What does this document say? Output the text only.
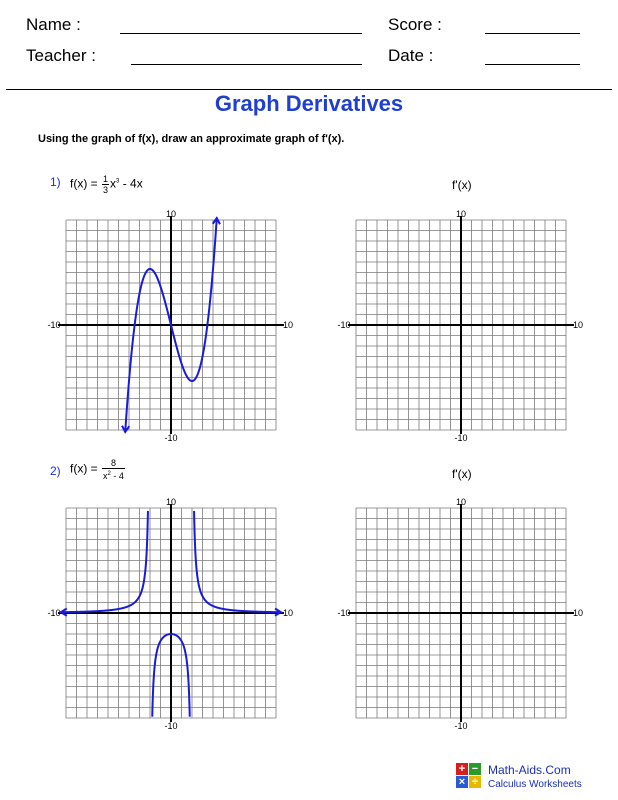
Name :
Teacher :
Score :
Date :
Graph Derivatives
Using the graph of f(x), draw an approximate graph of f'(x).
1) $f(x) = \frac{1}{3} x^3 - 4x$	f'(x)
2) $f(x) = \frac{8}{x^2 - 4}$	f'(x)
-10	10
10
-10
-10	10
10
-10
-10	10
10
-10
-10	10
10
-10
+ −
× ÷
Math-Aids.Com
Calculus Worksheets
